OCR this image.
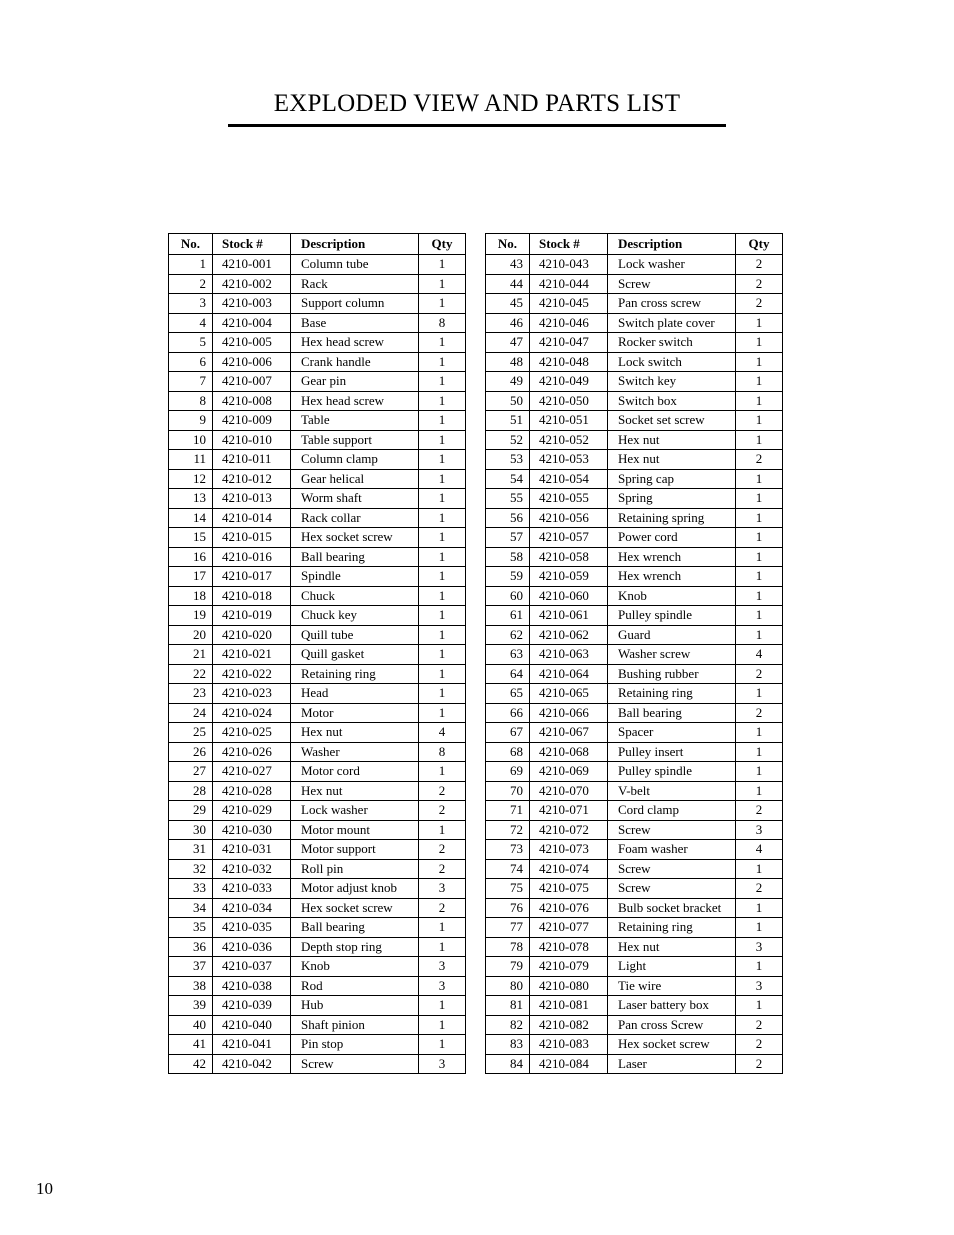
EXPLODED VIEW AND PARTS LIST
No.	Stock #	Description	Qty
1	4210-001	Column tube	1
2	4210-002	Rack	1
3	4210-003	Support column	1
4	4210-004	Base	8
5	4210-005	Hex head screw	1
6	4210-006	Crank handle	1
7	4210-007	Gear pin	1
8	4210-008	Hex head screw	1
9	4210-009	Table	1
10	4210-010	Table support	1
11	4210-011	Column clamp	1
12	4210-012	Gear helical	1
13	4210-013	Worm shaft	1
14	4210-014	Rack collar	1
15	4210-015	Hex socket screw	1
16	4210-016	Ball bearing	1
17	4210-017	Spindle	1
18	4210-018	Chuck	1
19	4210-019	Chuck key	1
20	4210-020	Quill tube	1
21	4210-021	Quill gasket	1
22	4210-022	Retaining ring	1
23	4210-023	Head	1
24	4210-024	Motor	1
25	4210-025	Hex nut	4
26	4210-026	Washer	8
27	4210-027	Motor cord	1
28	4210-028	Hex nut	2
29	4210-029	Lock washer	2
30	4210-030	Motor mount	1
31	4210-031	Motor support	2
32	4210-032	Roll pin	2
33	4210-033	Motor adjust knob	3
34	4210-034	Hex socket screw	2
35	4210-035	Ball bearing	1
36	4210-036	Depth stop ring	1
37	4210-037	Knob	3
38	4210-038	Rod	3
39	4210-039	Hub	1
40	4210-040	Shaft pinion	1
41	4210-041	Pin stop	1
42	4210-042	Screw	3
No.	Stock #	Description	Qty
43	4210-043	Lock washer	2
44	4210-044	Screw	2
45	4210-045	Pan cross screw	2
46	4210-046	Switch plate cover	1
47	4210-047	Rocker switch	1
48	4210-048	Lock switch	1
49	4210-049	Switch key	1
50	4210-050	Switch box	1
51	4210-051	Socket set screw	1
52	4210-052	Hex nut	1
53	4210-053	Hex nut	2
54	4210-054	Spring cap	1
55	4210-055	Spring	1
56	4210-056	Retaining spring	1
57	4210-057	Power cord	1
58	4210-058	Hex wrench	1
59	4210-059	Hex wrench	1
60	4210-060	Knob	1
61	4210-061	Pulley spindle	1
62	4210-062	Guard	1
63	4210-063	Washer screw	4
64	4210-064	Bushing rubber	2
65	4210-065	Retaining ring	1
66	4210-066	Ball bearing	2
67	4210-067	Spacer	1
68	4210-068	Pulley insert	1
69	4210-069	Pulley spindle	1
70	4210-070	V-belt	1
71	4210-071	Cord clamp	2
72	4210-072	Screw	3
73	4210-073	Foam washer	4
74	4210-074	Screw	1
75	4210-075	Screw	2
76	4210-076	Bulb socket bracket	1
77	4210-077	Retaining ring	1
78	4210-078	Hex nut	3
79	4210-079	Light	1
80	4210-080	Tie wire	3
81	4210-081	Laser battery box	1
82	4210-082	Pan cross Screw	2
83	4210-083	Hex socket screw	2
84	4210-084	Laser	2
10
